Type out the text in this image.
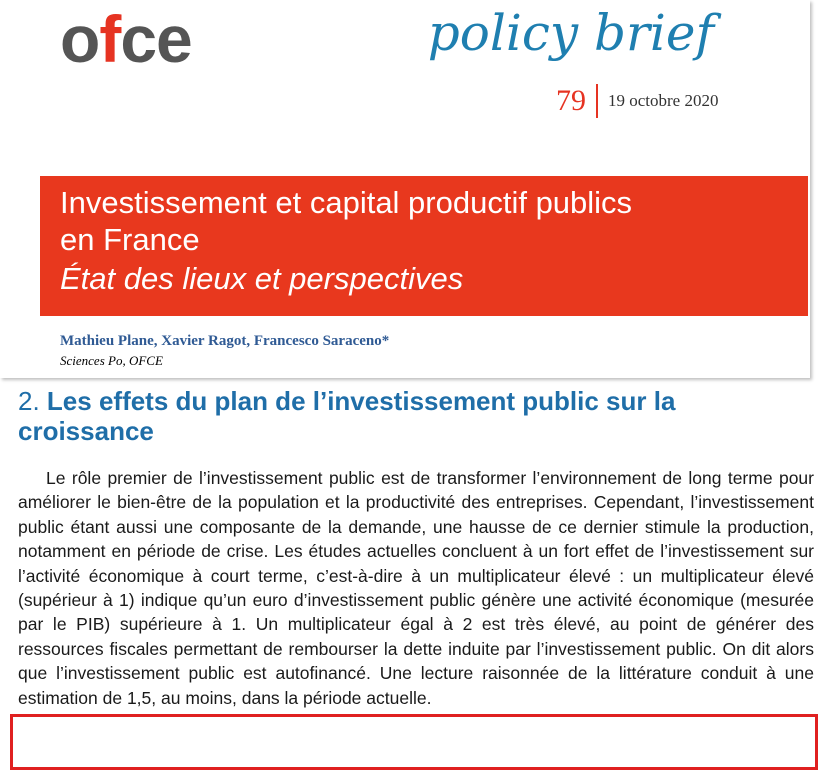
ofce	policy brief
79 19 octobre 2020
Investissement et capital productif publics
en France
État des lieux et perspectives
Mathieu Plane, Xavier Ragot, Francesco Saraceno*
Sciences Po, OFCE
2. Les effets du plan de l’investissement public sur la croissance

Le rôle premier de l’investissement public est de transformer l’environnement de long terme pour améliorer le bien-être de la population et la productivité des entreprises. Cependant, l’investissement public étant aussi une composante de la demande, une hausse de ce dernier stimule la production, notamment en période de crise. Les études actuelles concluent à un fort effet de l’investissement sur l’activité économique à court terme, c’est-à-dire à un multiplicateur élevé : un multiplicateur élevé (supérieur à 1) indique qu’un euro d’investissement public génère une activité économique (mesurée par le PIB) supérieure à 1. Un multiplicateur égal à 2 est très élevé, au point de générer des ressources fiscales permettant de rembourser la dette induite par l’investissement public. On dit alors que l’investissement public est autofinancé. Une lecture raisonnée de la littérature conduit à une estimation de 1,5, au moins, dans la période actuelle.
